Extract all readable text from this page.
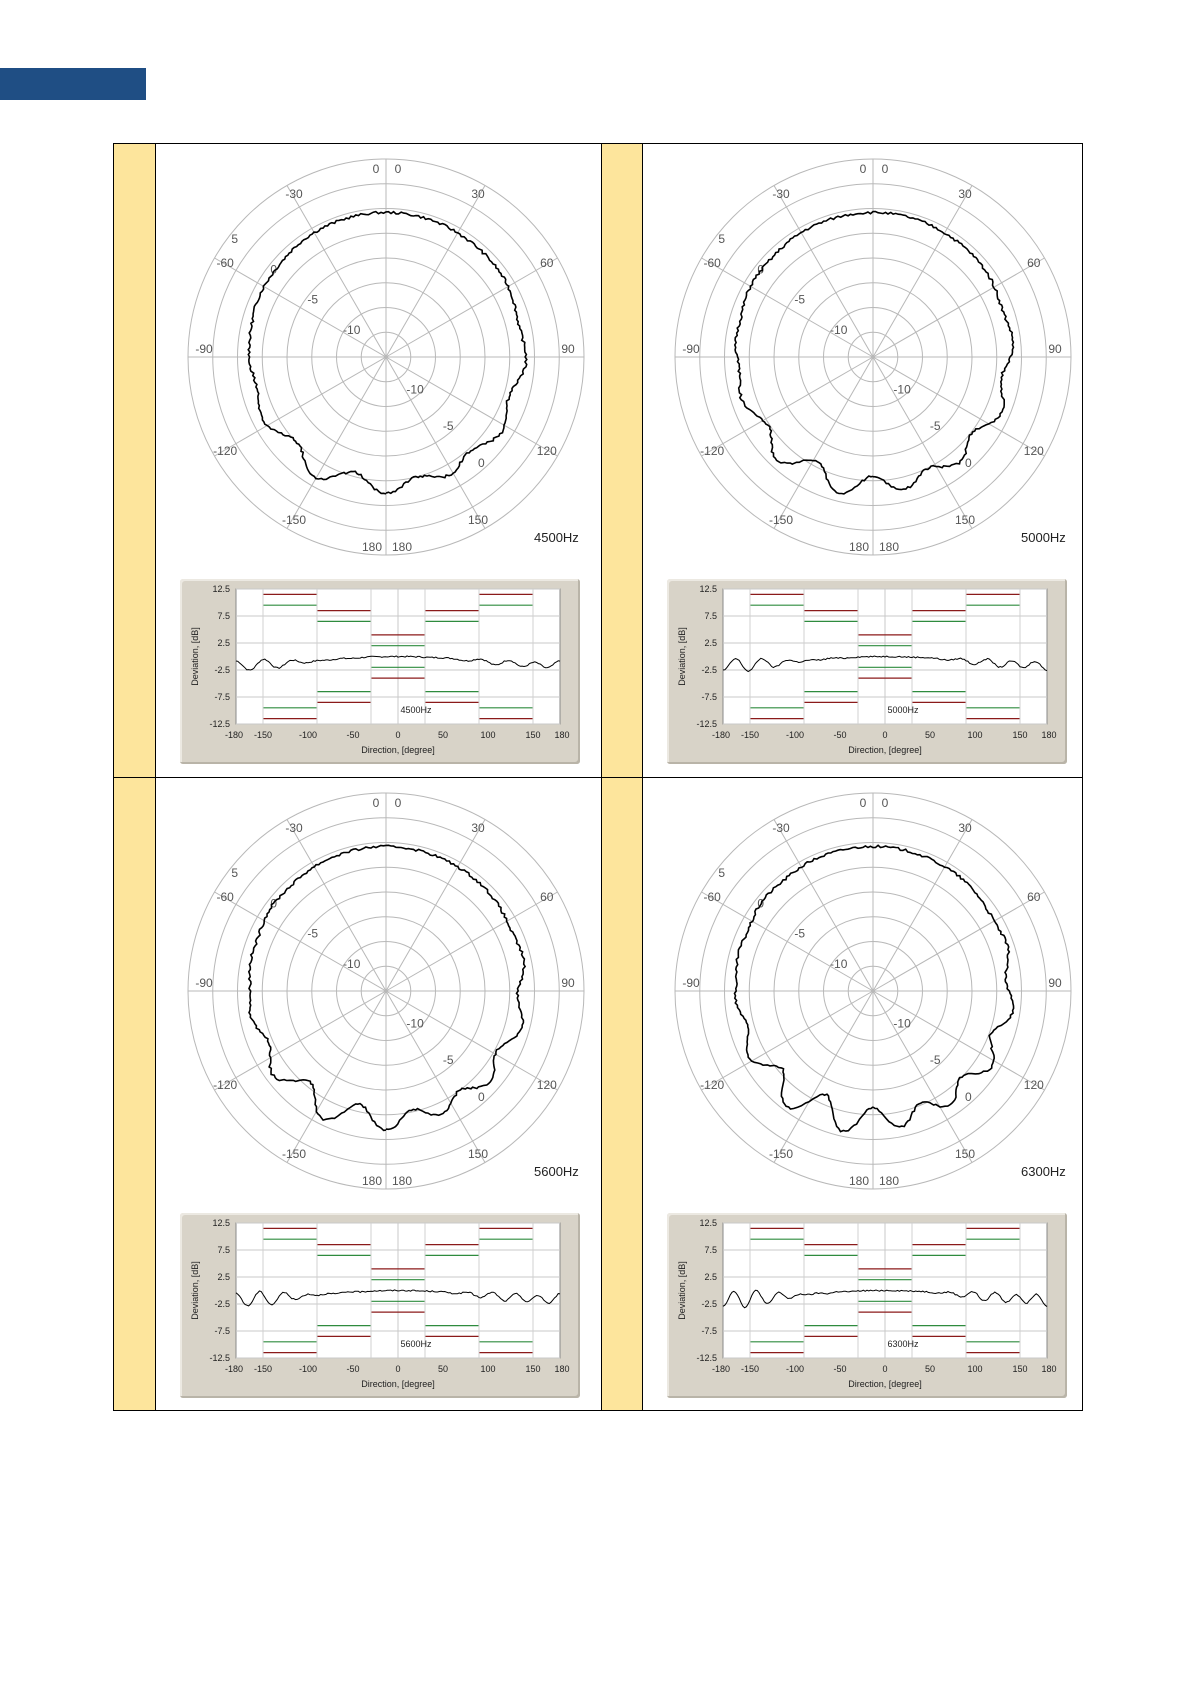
0 0
30
60
90
120
150
180 180
-150
-120
-90
-60
-30
5
0
0
-5
-5
-10
-10
4500Hz
12.5
7.5
2.5
-2.5
-7.5
-12.5
-180 -150	-100	-50	0	50	100	150 180
4500Hz
Deviation, [dB]
Direction, [degree]
0 0
30
60
90
120
150
180 180
-150
-120
-90
-60
-30
5
0
0
-5
-5
-10
-10
5000Hz
12.5
7.5
2.5
-2.5
-7.5
-12.5
-180 -150	-100	-50	0	50	100	150 180
5000Hz
Deviation, [dB]
Direction, [degree]
0 0
30
60
90
120
150
180 180
-150
-120
-90
-60
-30
5
0
0
-5
-5
-10
-10
5600Hz
12.5
7.5
2.5
-2.5
-7.5
-12.5
-180 -150	-100	-50	0	50	100	150 180
5600Hz
Deviation, [dB]
Direction, [degree]
0 0
30
60
90
120
150
180 180
-150
-120
-90
-60
-30
5
0
0
-5
-5
-10
-10
6300Hz
12.5
7.5
2.5
-2.5
-7.5
-12.5
-180 -150	-100	-50	0	50	100	150 180
6300Hz
Deviation, [dB]
Direction, [degree]
